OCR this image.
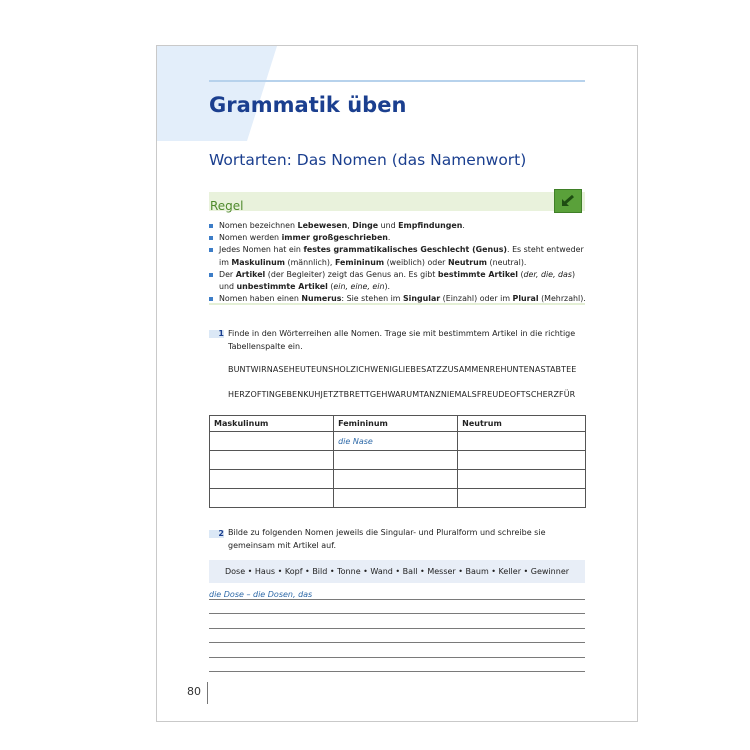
Grammatik üben
Wortarten: Das Nomen (das Namenwort)
Regel
Nomen bezeichnen Lebewesen, Dinge und Empfindungen.
Nomen werden immer großgeschrieben.
Jedes Nomen hat ein festes grammatikalisches Geschlecht (Genus). Es steht entweder im Maskulinum (männlich), Femininum (weiblich) oder Neutrum (neutral).
Der Artikel (der Begleiter) zeigt das Genus an. Es gibt bestimmte Artikel (der, die, das) und unbestimmte Artikel (ein, eine, ein).
Nomen haben einen Numerus: Sie stehen im Singular (Einzahl) oder im Plural (Mehrzahl).
1 Finde in den Wörterreihen alle Nomen. Trage sie mit bestimmtem Artikel in die richtige Tabellenspalte ein.
BUNTWIRNASEHEUTEUNSHOLZICHWENIGLIEBESATZZUSAMMENREHUNTENASTABTEE
HERZOFTINGEBENKUHJETZTBRETTGEHWARUMTANZNIEMALSFREUDEOFTSCHERZFÜR
Maskulinum	Femininum	Neutrum
	die Nase	

2 Bilde zu folgenden Nomen jeweils die Singular- und Pluralform und schreibe sie gemeinsam mit Artikel auf.
Dose • Haus • Kopf • Bild • Tonne • Wand • Ball • Messer • Baum • Keller • Gewinner
die Dose – die Dosen, das
80
